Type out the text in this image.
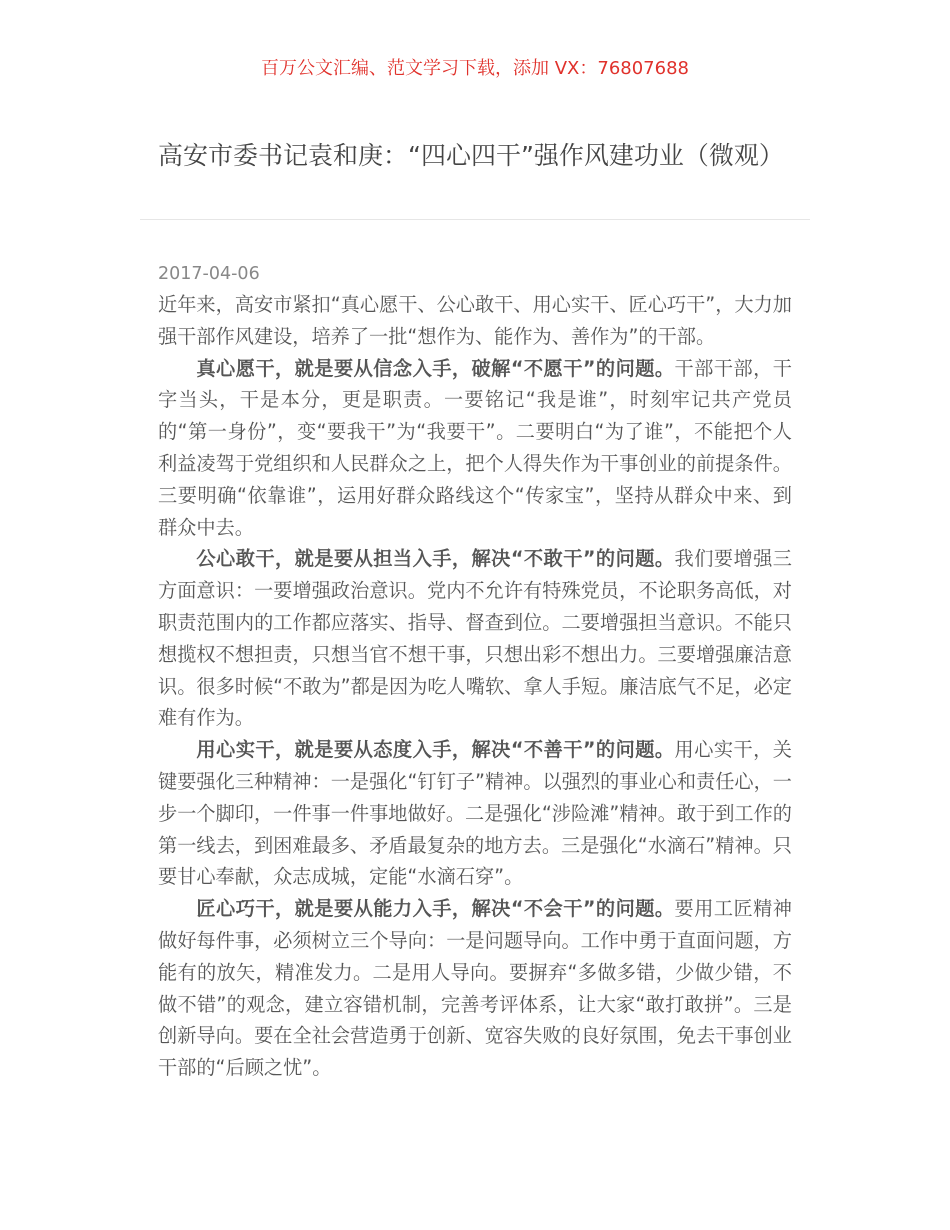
百万公文汇编、范文学习下载，添加 VX：76807688
高安市委书记袁和庚：“四心四干”强作风建功业（微观）
2017-04-06

近年来，高安市紧扣“真心愿干、公心敢干、用心实干、匠心巧干”，大力加强干部作风建设，培养了一批“想作为、能作为、善作为”的干部。

真心愿干，就是要从信念入手，破解“不愿干”的问题。干部干部，干字当头，干是本分，更是职责。一要铭记“我是谁”，时刻牢记共产党员的“第一身份”，变“要我干”为“我要干”。二要明白“为了谁”，不能把个人利益凌驾于党组织和人民群众之上，把个人得失作为干事创业的前提条件。三要明确“依靠谁”，运用好群众路线这个“传家宝”，坚持从群众中来、到群众中去。

公心敢干，就是要从担当入手，解决“不敢干”的问题。我们要增强三方面意识：一要增强政治意识。党内不允许有特殊党员，不论职务高低，对职责范围内的工作都应落实、指导、督查到位。二要增强担当意识。不能只想揽权不想担责，只想当官不想干事，只想出彩不想出力。三要增强廉洁意识。很多时候“不敢为”都是因为吃人嘴软、拿人手短。廉洁底气不足，必定难有作为。

用心实干，就是要从态度入手，解决“不善干”的问题。用心实干，关键要强化三种精神：一是强化“钉钉子”精神。以强烈的事业心和责任心，一步一个脚印，一件事一件事地做好。二是强化“涉险滩”精神。敢于到工作的第一线去，到困难最多、矛盾最复杂的地方去。三是强化“水滴石”精神。只要甘心奉献，众志成城，定能“水滴石穿”。

匠心巧干，就是要从能力入手，解决“不会干”的问题。要用工匠精神做好每件事，必须树立三个导向：一是问题导向。工作中勇于直面问题，方能有的放矢，精准发力。二是用人导向。要摒弃“多做多错，少做少错，不做不错”的观念，建立容错机制，完善考评体系，让大家“敢打敢拼”。三是创新导向。要在全社会营造勇于创新、宽容失败的良好氛围，免去干事创业干部的“后顾之忧”。
